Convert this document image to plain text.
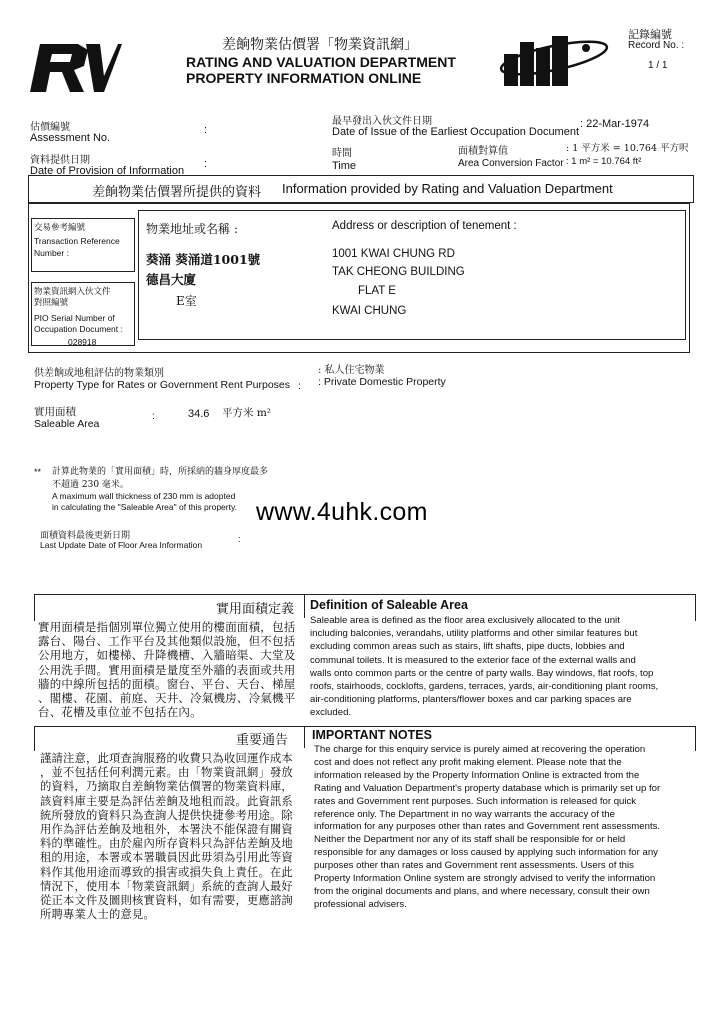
差餉物業估價署「物業資訊網」
RATING AND VALUATION DEPARTMENT
PROPERTY INFORMATION ONLINE
記錄編號
Record No. :
1 / 1
估價編號
Assessment No.
:
資料提供日期
Date of Provision of Information
:
最早發出入伙文件日期
Date of Issue of the Earliest Occupation Document
: 22-Mar-1974
時間
Time
面積對算值
Area Conversion Factor
: 1 平方米 = 10.764 平方呎
: 1 m² = 10.764 ft²
差餉物業估價署所提供的資料 Information provided by Rating and Valuation Department
交易參考編號
Transaction Reference
Number :
物業資訊網入伙文件
對照編號
PIO Serial Number of
Occupation Document :
028918
物業地址或名稱 :	Address or description of tenement :
葵涌 葵涌道1001號
德昌大廈
E室
1001 KWAI CHUNG RD
TAK CHEONG BUILDING
FLAT E
KWAI CHUNG
供差餉或地租評估的物業類別
Property Type for Rates or Government Rent Purposes :
: 私人住宅物業
: Private Domestic Property
實用面積
Saleable Area
:	34.6 平方米 m²
** 計算此物業的「實用面積」時，所採納的牆身厚度最多
不超過 230 毫米。
A maximum wall thickness of 230 mm is adopted
in calculating the "Saleable Area" of this property. www.4uhk.com
面積資料最後更新日期
Last Update Date of Floor Area Information
:
實用面積定義 Definition of Saleable Area
實用面積是指個別單位獨立使用的樓面面積，包括
露台、陽台、工作平台及其他類似設施，但不包括
公用地方，如樓梯、升降機槽、入牆暗渠、大堂及
公用洗手間。實用面積是量度至外牆的表面或共用
牆的中線所包括的面積。窗台、平台、天台、梯屋
、閣樓、花園、前庭、天井、冷氣機房、冷氣機平
台、花槽及車位並不包括在內。
Saleable area is defined as the floor area exclusively allocated to the unit
including balconies, verandahs, utility platforms and other similar features but
excluding common areas such as stairs, lift shafts, pipe ducts, lobbies and
communal toilets. It is measured to the exterior face of the external walls and
walls onto common parts or the centre of party walls. Bay windows, flat roofs, top
roofs, stairhoods, cocklofts, gardens, terraces, yards, air-conditioning plant rooms,
air-conditioning platforms, planters/flower boxes and car parking spaces are
excluded.
重要通告 IMPORTANT NOTES
謹請注意，此項查詢服務的收費只為收回運作成本
，並不包括任何利潤元素。由「物業資訊網」發放
的資料，乃摘取自差餉物業估價署的物業資料庫，
該資料庫主要是為評估差餉及地租而設。此資訊系
統所發放的資料只為查詢人提供快捷參考用途。除
用作為評估差餉及地租外，本署決不能保證有關資
料的準確性。由於雇內所存資料只為評估差餉及地
租的用途，本署或本署職員因此毋須為引用此等資
料作其他用途而導致的損害或損失負上責任。在此
情況下，使用本「物業資訊網」系統的查詢人最好
從正本文件及圖則核實資料，如有需要，更應諮詢
所聘專業人士的意見。
The charge for this enquiry service is purely aimed at recovering the operation
cost and does not reflect any profit making element. Please note that the
information released by the Property Information Online is extracted from the
Rating and Valuation Department's property database which is primarily set up for
rates and Government rent purposes. Such information is released for quick
reference only. The Department in no way warrants the accuracy of the
information for any purposes other than rates and Government rent assessments.
Neither the Department nor any of its staff shall be responsible for or held
responsible for any damages or loss caused by applying such information for any
purposes other than rates and Government rent assessments. Users of this
Property Information Online system are strongly advised to verify the information
from the original documents and plans, and where necessary, consult their own
professional advisers.
